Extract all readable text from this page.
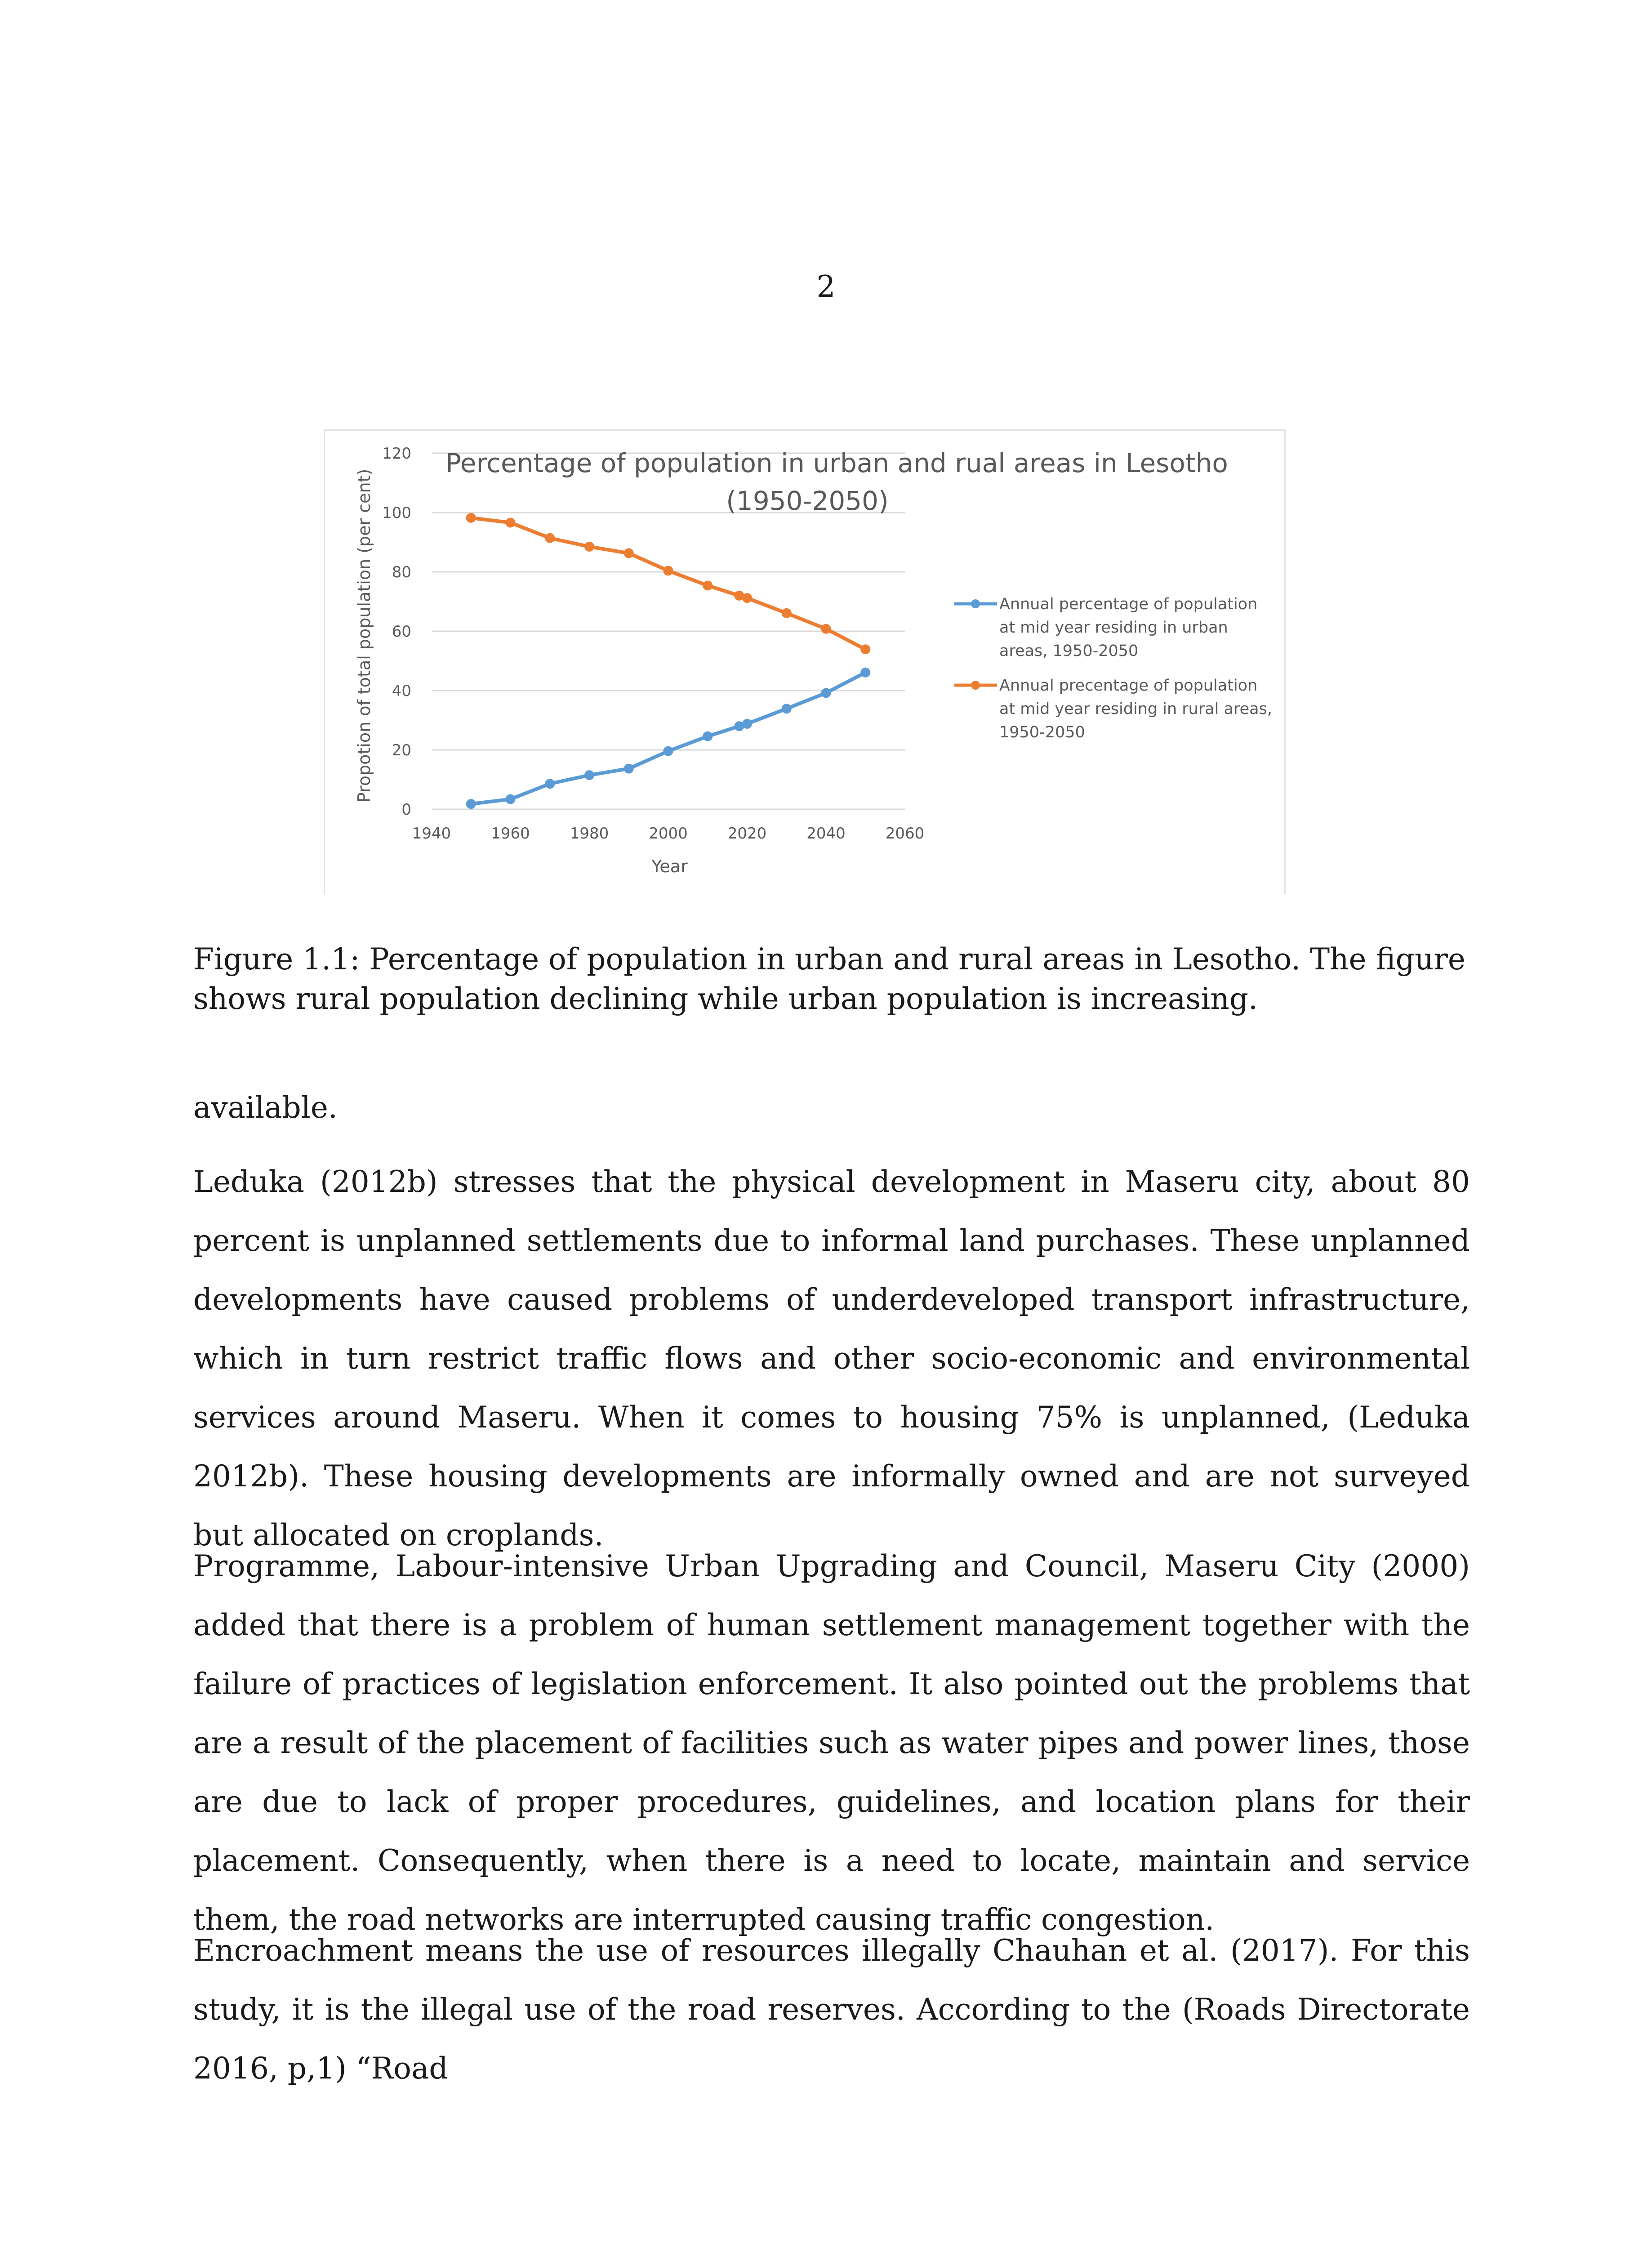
2
0
20
40
60
80
100
120
1940	1960	1980	2000	2020	2040	2060
Year
Propotion of total population (per cent)
Percentage of population in urban and rual areas in Lesotho
(1950-2050)
Annual percentage of population
at mid year residing in urban
areas, 1950-2050
Annual precentage of population
at mid year residing in rural areas,
1950-2050

Figure 1.1: Percentage of population in urban and rural areas in Lesotho. The figure shows rural population declining while urban population is increasing.

available.

Leduka (2012b) stresses that the physical development in Maseru city, about 80 percent is unplanned settlements due to informal land purchases. These unplanned developments have caused problems of underdeveloped transport infrastructure, which in turn restrict traffic flows and other socio-economic and environmental services around Maseru. When it comes to housing 75% is unplanned, (Leduka 2012b). These housing developments are informally owned and are not surveyed but allocated on croplands.

Programme, Labour-intensive Urban Upgrading and Council, Maseru City (2000) added that there is a problem of human settlement management together with the failure of practices of legislation enforcement. It also pointed out the problems that are a result of the placement of facilities such as water pipes and power lines, those are due to lack of proper procedures, guidelines, and location plans for their placement. Consequently, when there is a need to locate, maintain and service them, the road networks are interrupted causing traffic congestion.

Encroachment means the use of resources illegally Chauhan et al. (2017). For this study, it is the illegal use of the road reserves. According to the (Roads Directorate 2016, p,1) “Road
